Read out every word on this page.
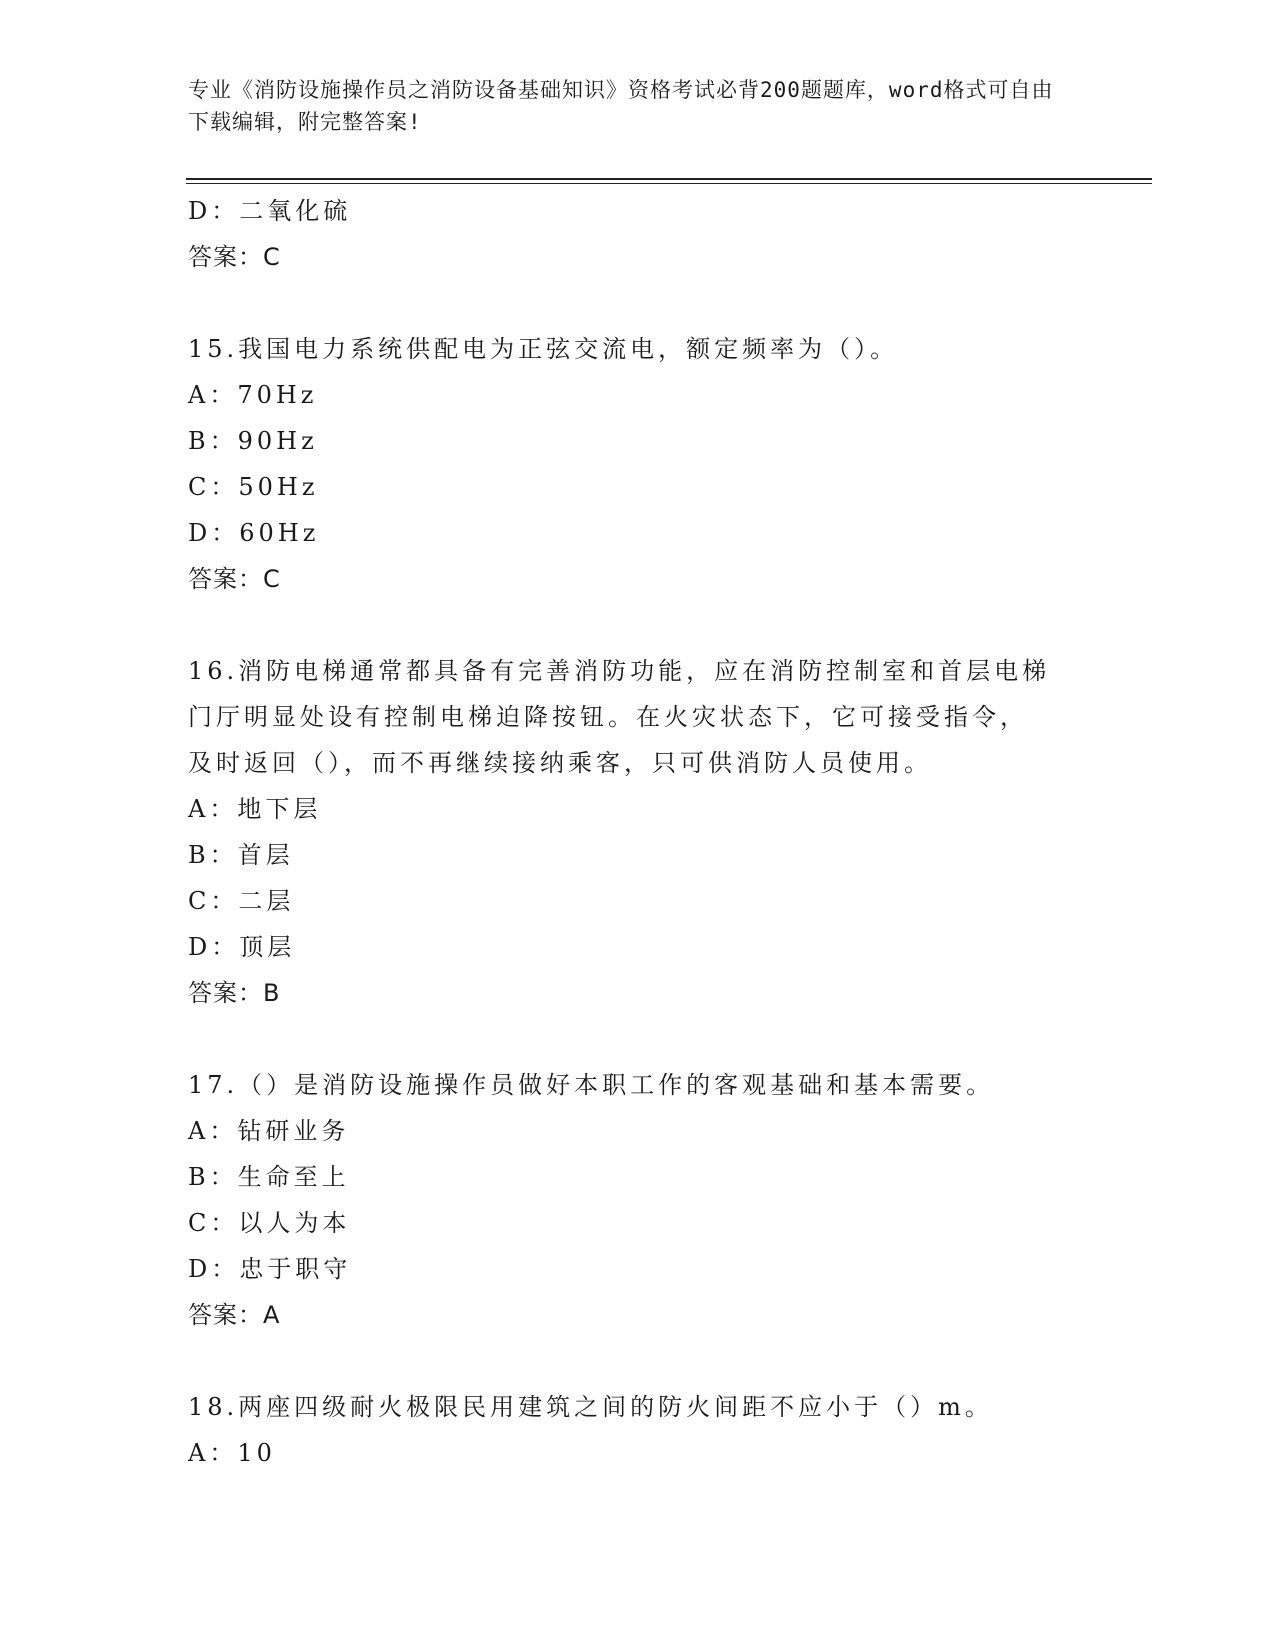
专业《消防设施操作员之消防设备基础知识》资格考试必背200题题库，word格式可自由下载编辑，附完整答案!
D：二氧化硫
答案：C
15.我国电力系统供配电为正弦交流电，额定频率为（）。
A：70Hz
B：90Hz
C：50Hz
D：60Hz
答案：C
16.消防电梯通常都具备有完善消防功能，应在消防控制室和首层电梯
门厅明显处设有控制电梯迫降按钮。在火灾状态下，它可接受指令，
及时返回（），而不再继续接纳乘客，只可供消防人员使用。
A：地下层
B：首层
C：二层
D：顶层
答案：B
17.（）是消防设施操作员做好本职工作的客观基础和基本需要。
A：钻研业务
B：生命至上
C：以人为本
D：忠于职守
答案：A
18.两座四级耐火极限民用建筑之间的防火间距不应小于（）m。
A：10
